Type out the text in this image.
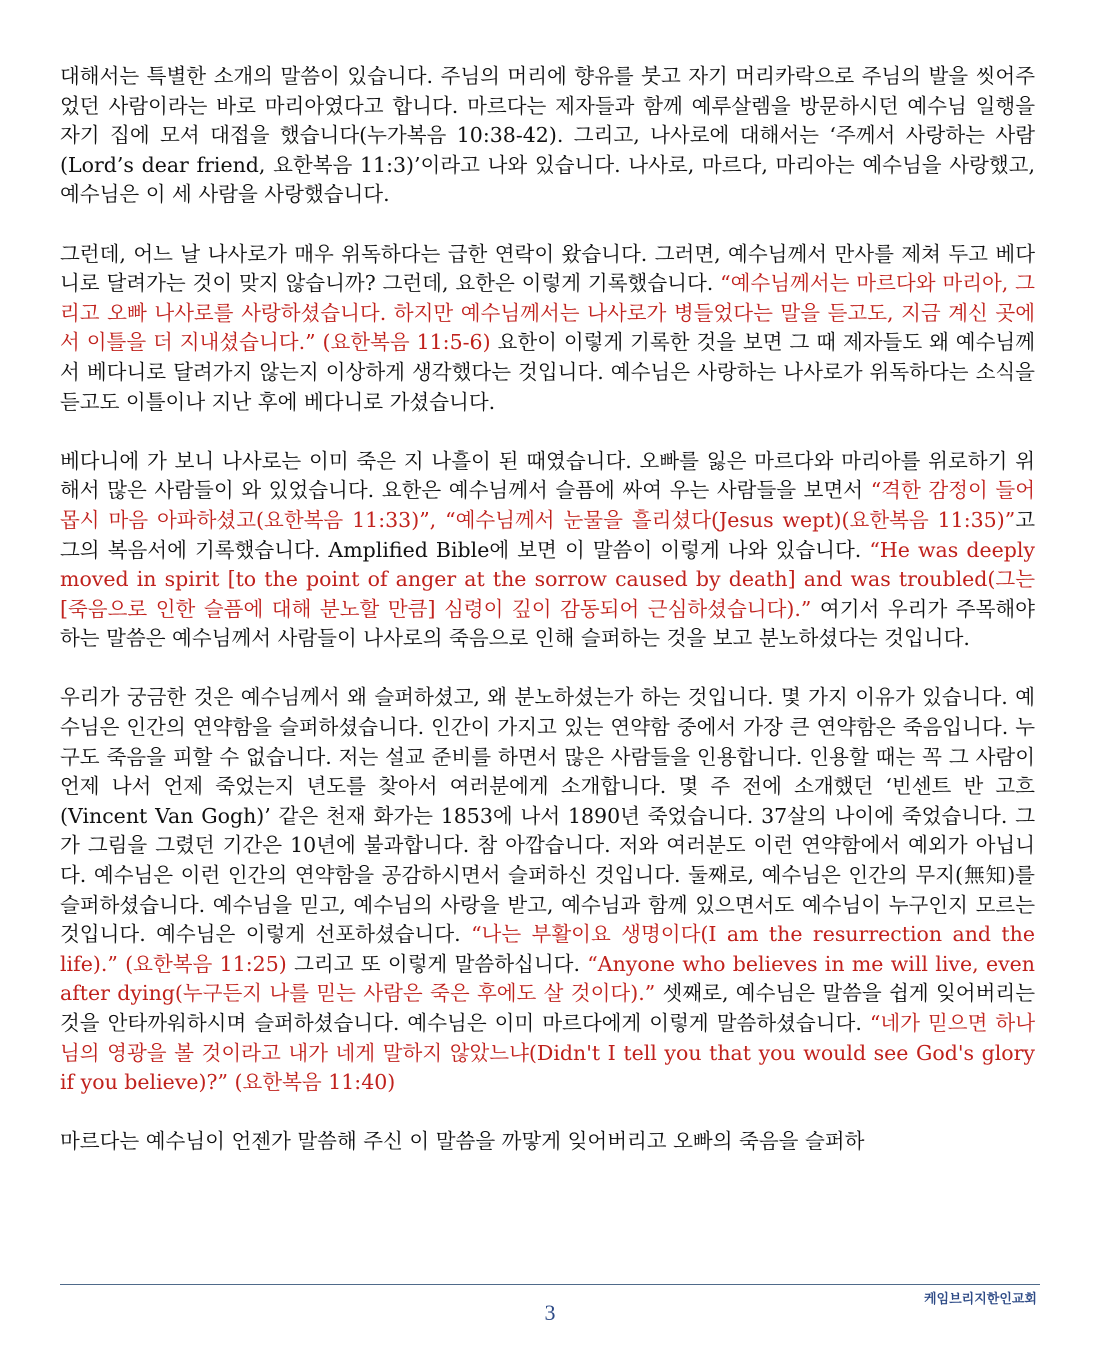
대해서는 특별한 소개의 말씀이 있습니다. 주님의 머리에 향유를 붓고 자기 머리카락으로 주님의 발을 씻어주었던 사람이라는 바로 마리아였다고 합니다. 마르다는 제자들과 함께 예루살렘을 방문하시던 예수님 일행을 자기 집에 모셔 대접을 했습니다(누가복음 10:38-42). 그리고, 나사로에 대해서는 ‘주께서 사랑하는 사람(Lord’s dear friend, 요한복음 11:3)’이라고 나와 있습니다. 나사로, 마르다, 마리아는 예수님을 사랑했고, 예수님은 이 세 사람을 사랑했습니다.

그런데, 어느 날 나사로가 매우 위독하다는 급한 연락이 왔습니다. 그러면, 예수님께서 만사를 제쳐 두고 베다니로 달려가는 것이 맞지 않습니까? 그런데, 요한은 이렇게 기록했습니다. “예수님께서는 마르다와 마리아, 그리고 오빠 나사로를 사랑하셨습니다. 하지만 예수님께서는 나사로가 병들었다는 말을 듣고도, 지금 계신 곳에서 이틀을 더 지내셨습니다.” (요한복음 11:5-6) 요한이 이렇게 기록한 것을 보면 그 때 제자들도 왜 예수님께서 베다니로 달려가지 않는지 이상하게 생각했다는 것입니다. 예수님은 사랑하는 나사로가 위독하다는 소식을 듣고도 이틀이나 지난 후에 베다니로 가셨습니다.

베다니에 가 보니 나사로는 이미 죽은 지 나흘이 된 때였습니다. 오빠를 잃은 마르다와 마리아를 위로하기 위해서 많은 사람들이 와 있었습니다. 요한은 예수님께서 슬픔에 싸여 우는 사람들을 보면서 “격한 감정이 들어 몹시 마음 아파하셨고(요한복음 11:33)”, “예수님께서 눈물을 흘리셨다(Jesus wept)(요한복음 11:35)”고 그의 복음서에 기록했습니다. Amplified Bible에 보면 이 말씀이 이렇게 나와 있습니다. “He was deeply moved in spirit [to the point of anger at the sorrow caused by death] and was troubled(그는 [죽음으로 인한 슬픔에 대해 분노할 만큼] 심령이 깊이 감동되어 근심하셨습니다).” 여기서 우리가 주목해야 하는 말씀은 예수님께서 사람들이 나사로의 죽음으로 인해 슬퍼하는 것을 보고 분노하셨다는 것입니다.

우리가 궁금한 것은 예수님께서 왜 슬퍼하셨고, 왜 분노하셨는가 하는 것입니다. 몇 가지 이유가 있습니다. 예수님은 인간의 연약함을 슬퍼하셨습니다. 인간이 가지고 있는 연약함 중에서 가장 큰 연약함은 죽음입니다. 누구도 죽음을 피할 수 없습니다. 저는 설교 준비를 하면서 많은 사람들을 인용합니다. 인용할 때는 꼭 그 사람이 언제 나서 언제 죽었는지 년도를 찾아서 여러분에게 소개합니다. 몇 주 전에 소개했던 ‘빈센트 반 고흐(Vincent Van Gogh)’ 같은 천재 화가는 1853에 나서 1890년 죽었습니다. 37살의 나이에 죽었습니다. 그가 그림을 그렸던 기간은 10년에 불과합니다. 참 아깝습니다. 저와 여러분도 이런 연약함에서 예외가 아닙니다. 예수님은 이런 인간의 연약함을 공감하시면서 슬퍼하신 것입니다. 둘째로, 예수님은 인간의 무지(無知)를 슬퍼하셨습니다. 예수님을 믿고, 예수님의 사랑을 받고, 예수님과 함께 있으면서도 예수님이 누구인지 모르는 것입니다. 예수님은 이렇게 선포하셨습니다. “나는 부활이요 생명이다(I am the resurrection and the life).” (요한복음 11:25) 그리고 또 이렇게 말씀하십니다. “Anyone who believes in me will live, even after dying(누구든지 나를 믿는 사람은 죽은 후에도 살 것이다).” 셋째로, 예수님은 말씀을 쉽게 잊어버리는 것을 안타까워하시며 슬퍼하셨습니다. 예수님은 이미 마르다에게 이렇게 말씀하셨습니다. “네가 믿으면 하나님의 영광을 볼 것이라고 내가 네게 말하지 않았느냐(Didn't I tell you that you would see God's glory if you believe)?” (요한복음 11:40)

마르다는 예수님이 언젠가 말씀해 주신 이 말씀을 까맣게 잊어버리고 오빠의 죽음을 슬퍼하

3
케임브리지한인교회
